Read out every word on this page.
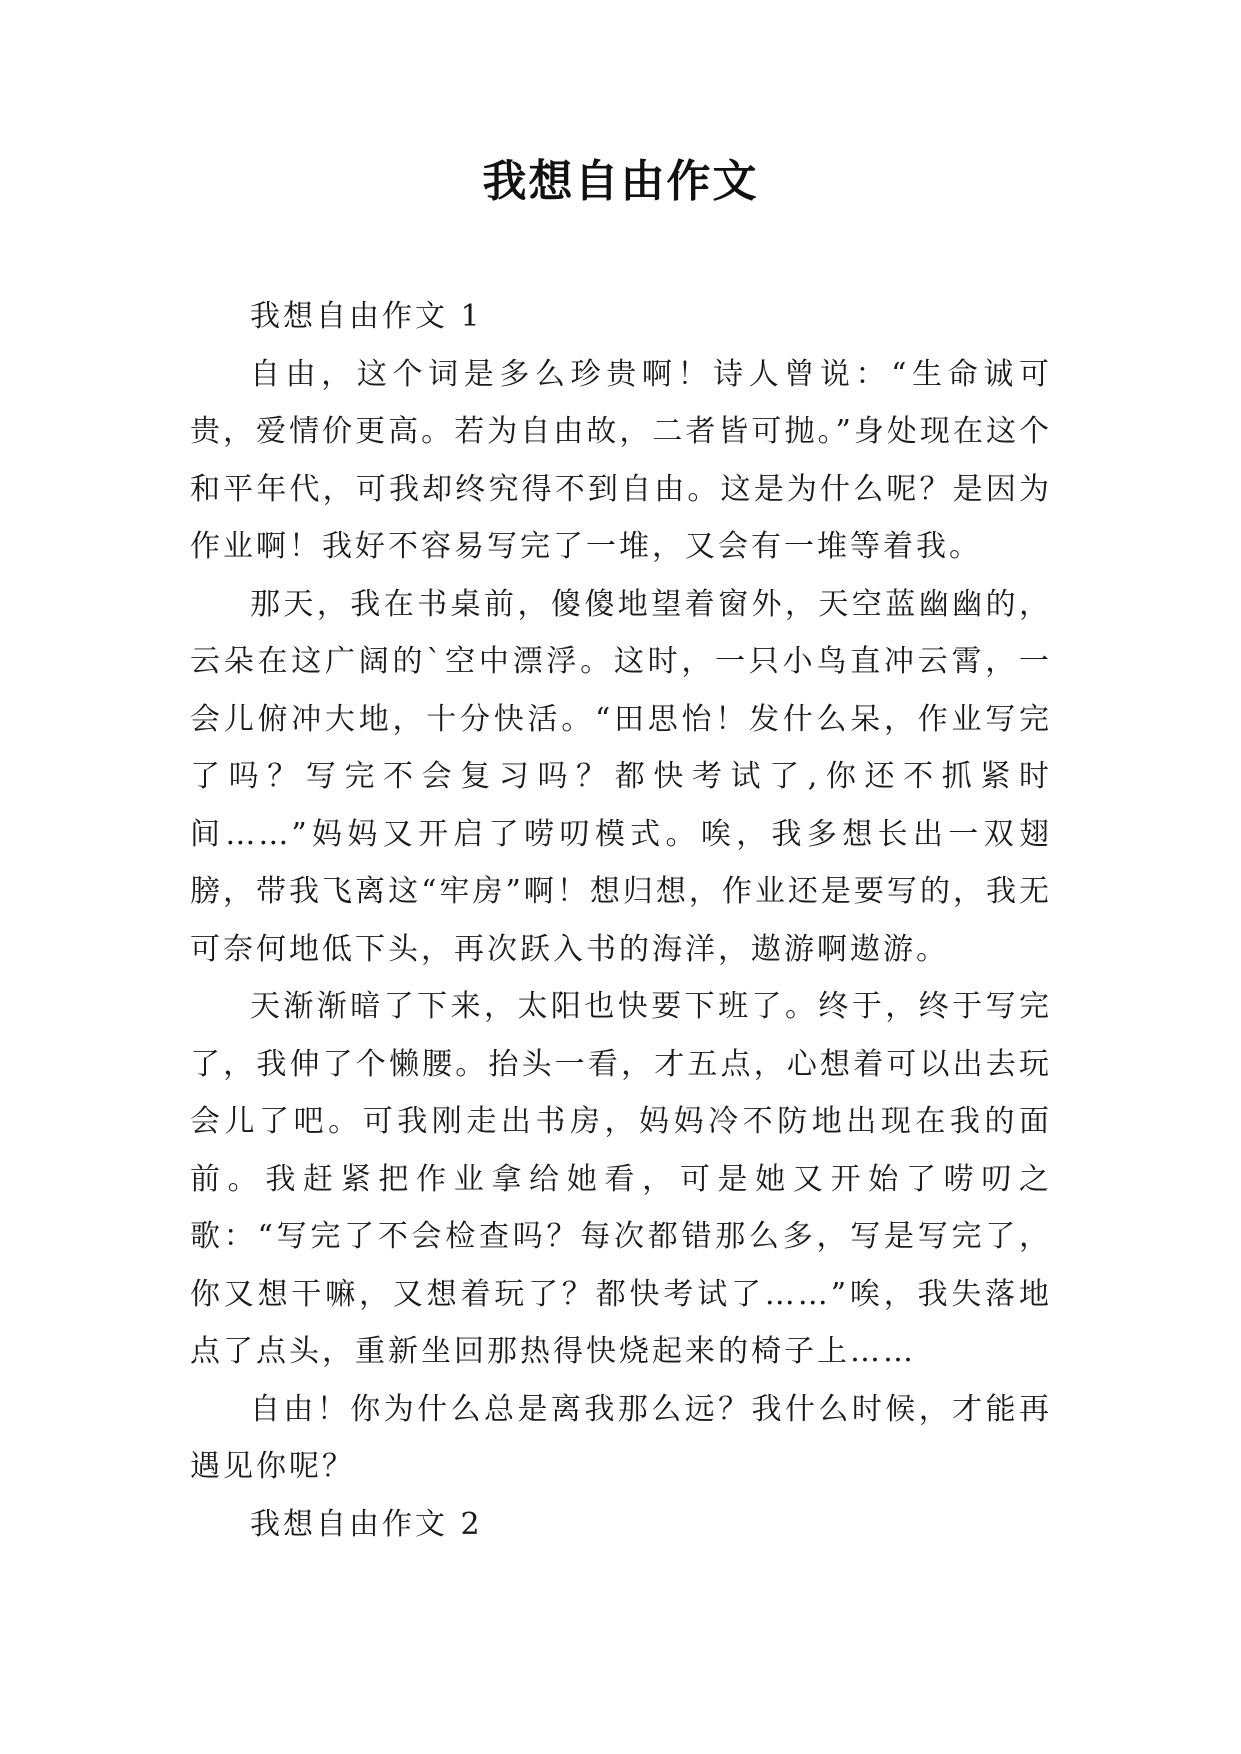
我想自由作文

我想自由作文 1

自由，这个词是多么珍贵啊！诗人曾说：“生命诚可贵，爱情价更高。若为自由故，二者皆可抛。”身处现在这个和平年代，可我却终究得不到自由。这是为什么呢？是因为作业啊！我好不容易写完了一堆，又会有一堆等着我。

那天，我在书桌前，傻傻地望着窗外，天空蓝幽幽的，云朵在这广阔的`空中漂浮。这时，一只小鸟直冲云霄，一会儿俯冲大地，十分快活。“田思怡！发什么呆，作业写完了吗？写完不会复习吗？都快考试了,你还不抓紧时间……”妈妈又开启了唠叨模式。唉，我多想长出一双翅膀，带我飞离这“牢房”啊！想归想，作业还是要写的，我无可奈何地低下头，再次跃入书的海洋，遨游啊遨游。

天渐渐暗了下来，太阳也快要下班了。终于，终于写完了，我伸了个懒腰。抬头一看，才五点，心想着可以出去玩会儿了吧。可我刚走出书房，妈妈冷不防地出现在我的面前。我赶紧把作业拿给她看，可是她又开始了唠叨之歌：“写完了不会检查吗？每次都错那么多，写是写完了，你又想干嘛，又想着玩了？都快考试了……”唉，我失落地点了点头，重新坐回那热得快烧起来的椅子上……

自由！你为什么总是离我那么远？我什么时候，才能再遇见你呢？

我想自由作文 2
